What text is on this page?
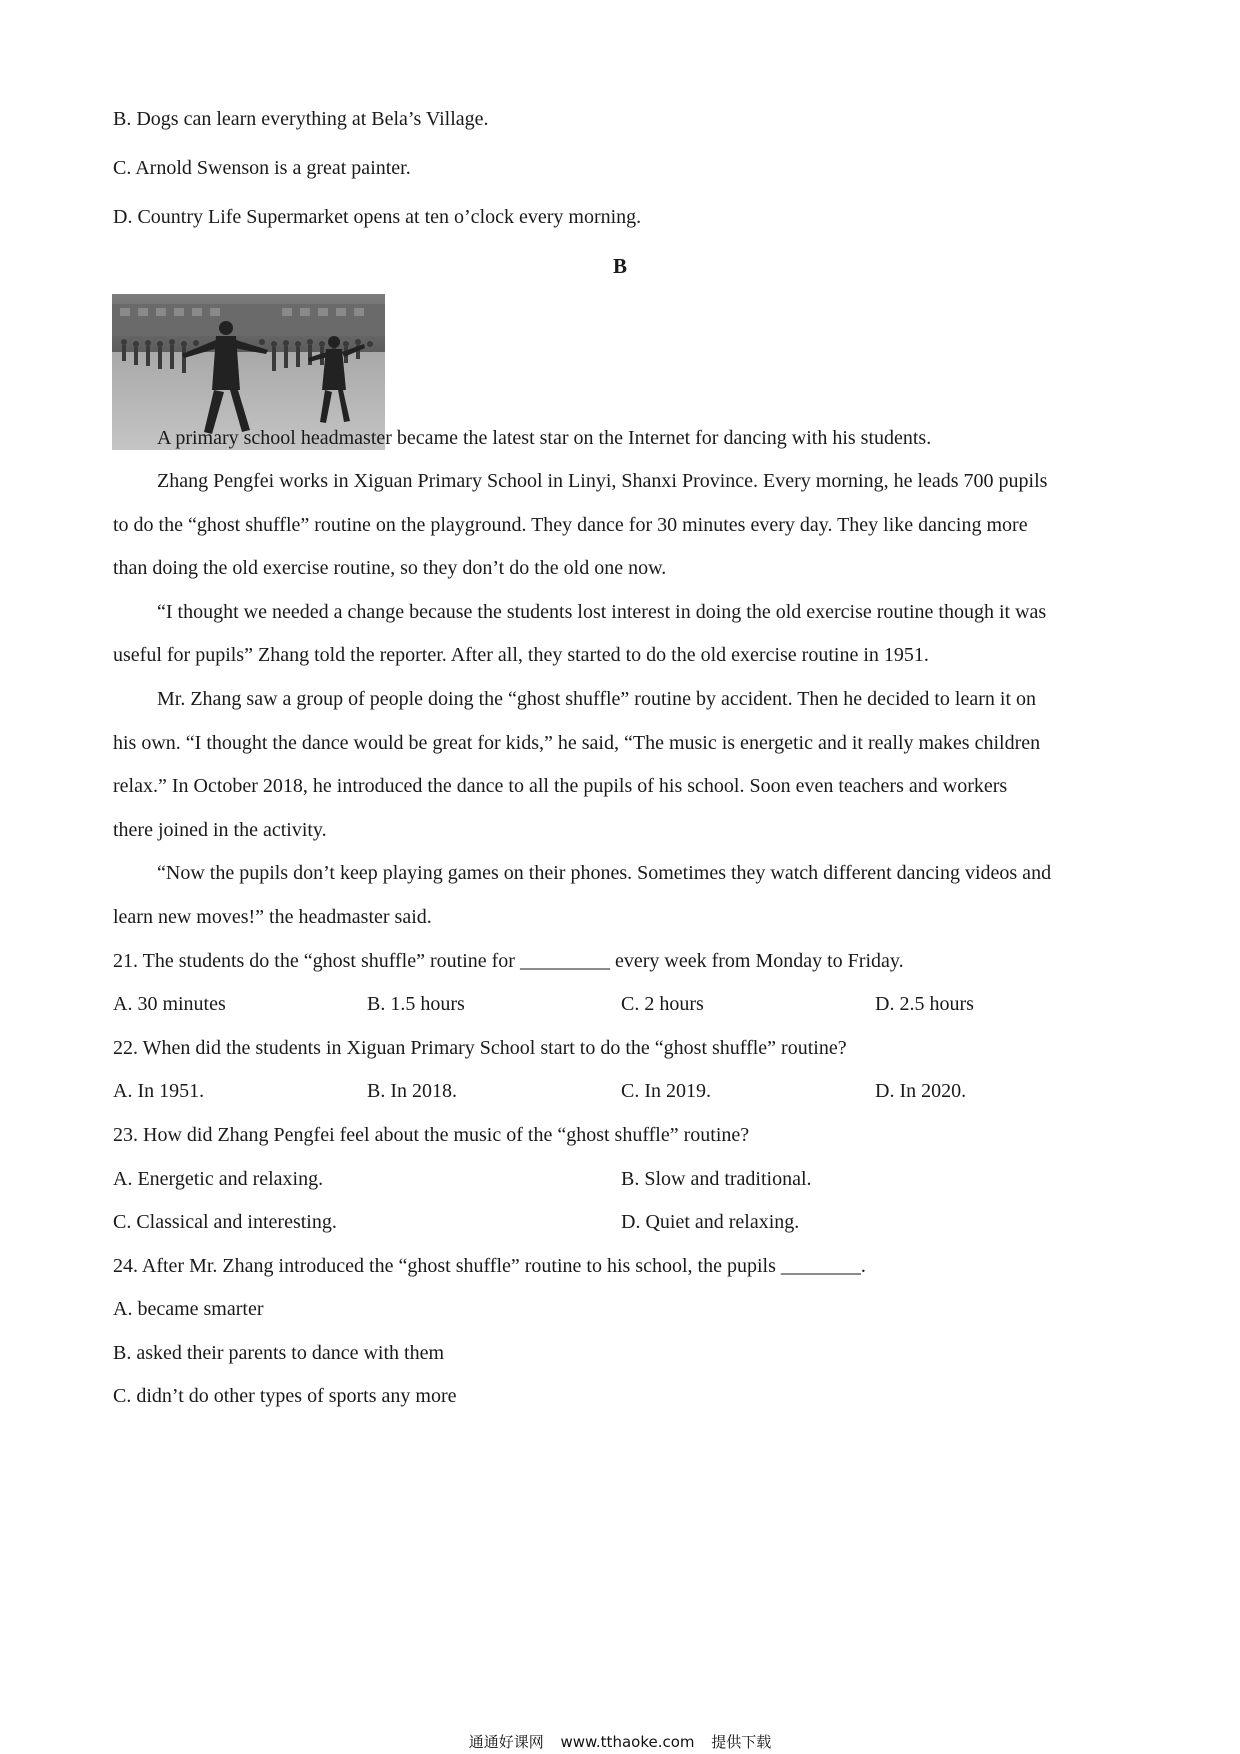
B. Dogs can learn everything at Bela’s Village.
C. Arnold Swenson is a great painter.
D. Country Life Supermarket opens at ten o’clock every morning.
B
A primary school headmaster became the latest star on the Internet for dancing with his students.
Zhang Pengfei works in Xiguan Primary School in Linyi, Shanxi Province. Every morning, he leads 700 pupils
to do the “ghost shuffle” routine on the playground. They dance for 30 minutes every day. They like dancing more
than doing the old exercise routine, so they don’t do the old one now.
“I thought we needed a change because the students lost interest in doing the old exercise routine though it was
useful for pupils” Zhang told the reporter. After all, they started to do the old exercise routine in 1951.
Mr. Zhang saw a group of people doing the “ghost shuffle” routine by accident. Then he decided to learn it on
his own. “I thought the dance would be great for kids,” he said, “The music is energetic and it really makes children
relax.” In October 2018, he introduced the dance to all the pupils of his school. Soon even teachers and workers
there joined in the activity.
“Now the pupils don’t keep playing games on their phones. Sometimes they watch different dancing videos and
learn new moves!” the headmaster said.
21. The students do the “ghost shuffle” routine for _________ every week from Monday to Friday.
A. 30 minutes	B. 1.5 hours	C. 2 hours	D. 2.5 hours
22. When did the students in Xiguan Primary School start to do the “ghost shuffle” routine?
A. In 1951.	B. In 2018.	C. In 2019.	D. In 2020.
23. How did Zhang Pengfei feel about the music of the “ghost shuffle” routine?
A. Energetic and relaxing.	B. Slow and traditional.
C. Classical and interesting.	D. Quiet and relaxing.
24. After Mr. Zhang introduced the “ghost shuffle” routine to his school, the pupils ________.
A. became smarter
B. asked their parents to dance with them
C. didn’t do other types of sports any more
通通好课网 www.tthaoke.com 提供下载
